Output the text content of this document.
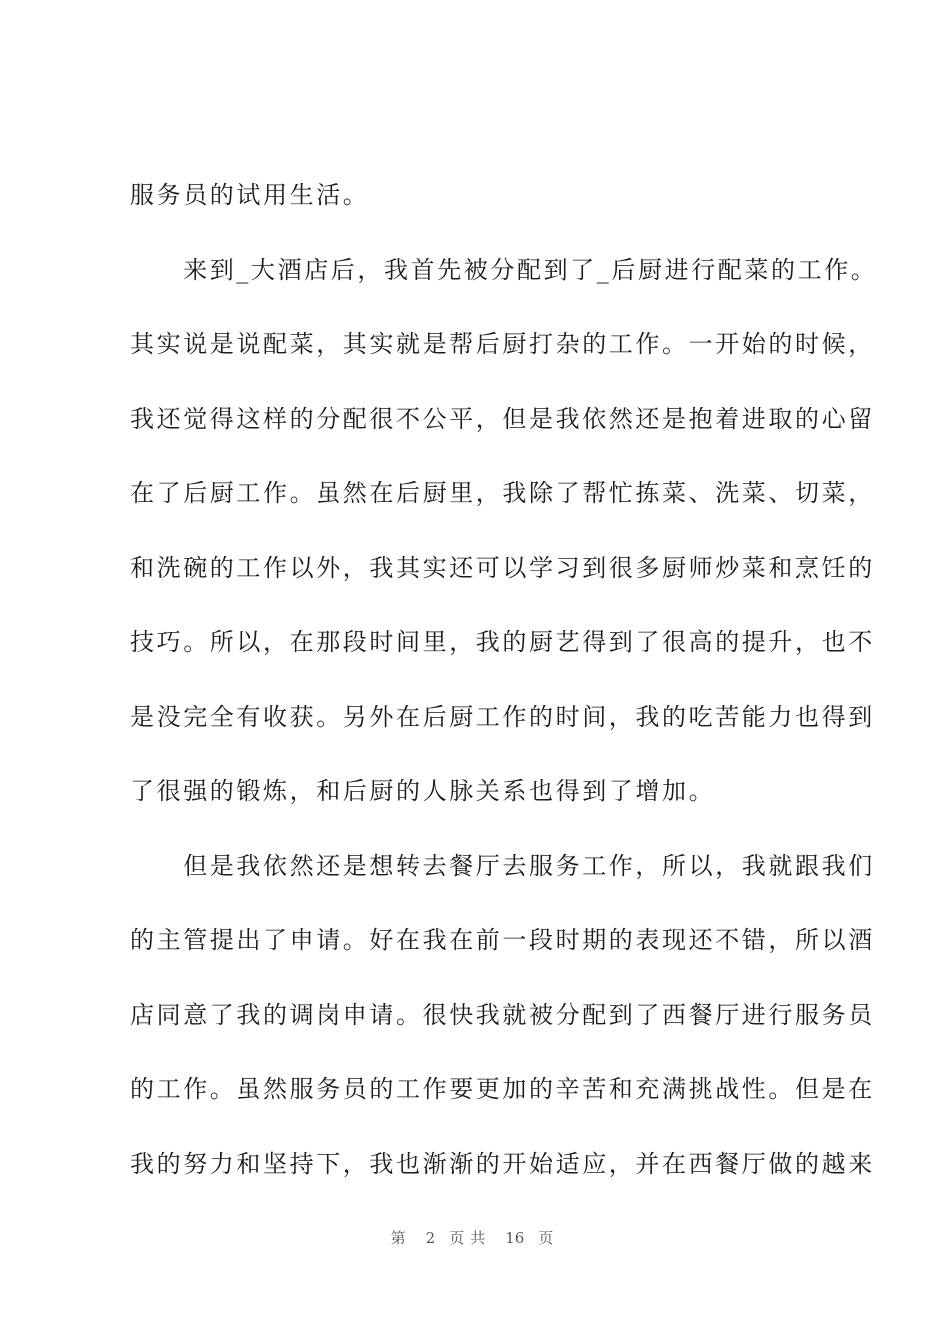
服务员的试用生活。
　　来到_大酒店后，我首先被分配到了_后厨进行配菜的工作。
其实说是说配菜，其实就是帮后厨打杂的工作。一开始的时候，
我还觉得这样的分配很不公平，但是我依然还是抱着进取的心留
在了后厨工作。虽然在后厨里，我除了帮忙拣菜、洗菜、切菜，
和洗碗的工作以外，我其实还可以学习到很多厨师炒菜和烹饪的
技巧。所以，在那段时间里，我的厨艺得到了很高的提升，也不
是没完全有收获。另外在后厨工作的时间，我的吃苦能力也得到
了很强的锻炼，和后厨的人脉关系也得到了增加。
　　但是我依然还是想转去餐厅去服务工作，所以，我就跟我们
的主管提出了申请。好在我在前一段时期的表现还不错，所以酒
店同意了我的调岗申请。很快我就被分配到了西餐厅进行服务员
的工作。虽然服务员的工作要更加的辛苦和充满挑战性。但是在
我的努力和坚持下，我也渐渐的开始适应，并在西餐厅做的越来
第 2 页共 16 页
